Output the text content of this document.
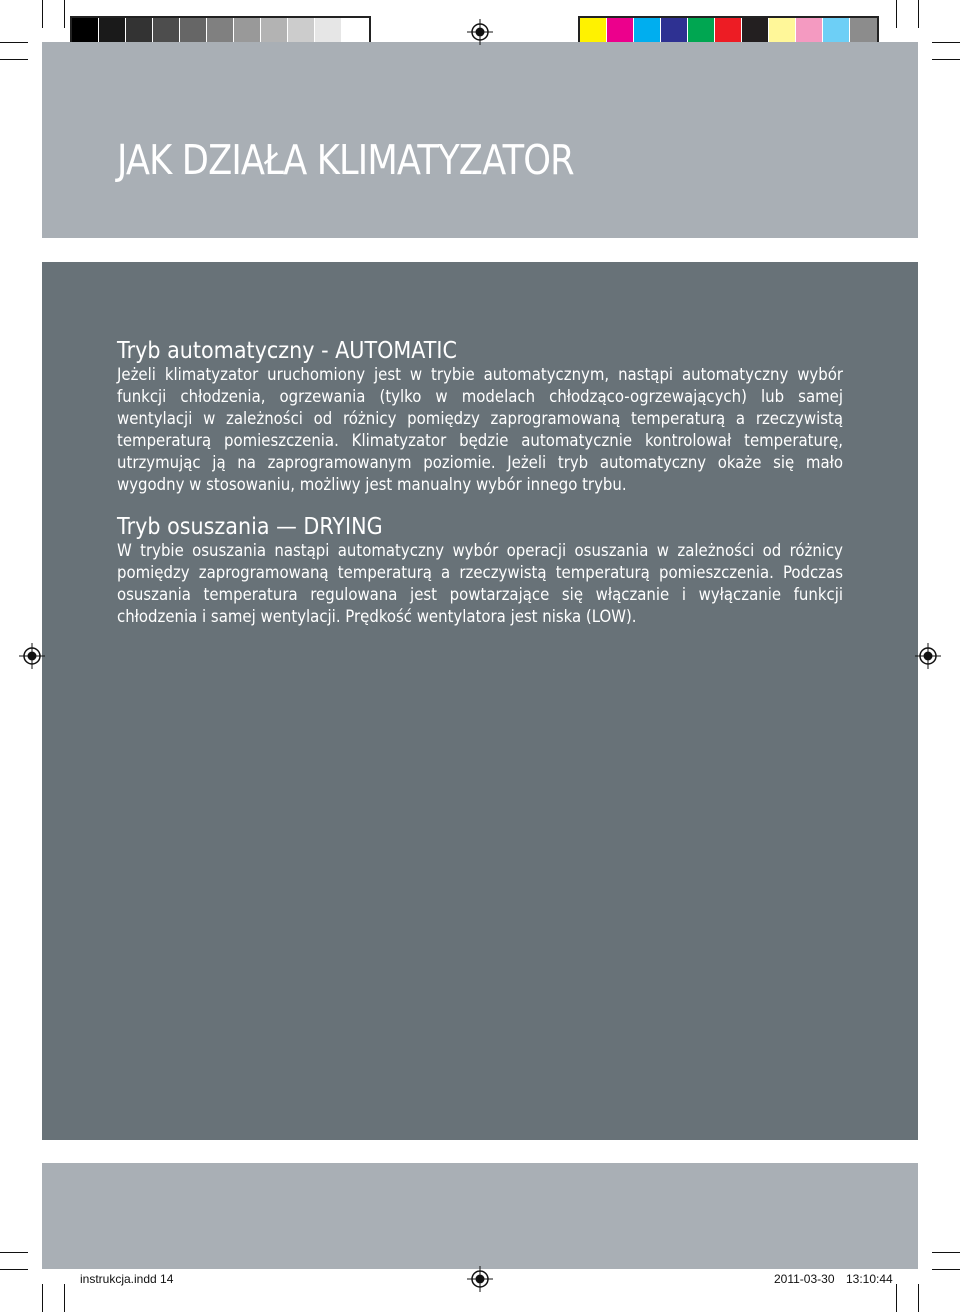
JAK DZIAŁA KLIMATYZATOR
Tryb automatyczny - AUTOMATIC

Jeżeli klimatyzator uruchomiony jest w trybie automatycznym, nastąpi automatyczny wybór funkcji chłodzenia, ogrzewania (tylko w modelach chłodząco-ogrzewających) lub samej wentylacji w zależności od różnicy pomiędzy zaprogramowaną temperaturą a rzeczywistą temperaturą pomieszczenia. Klimatyzator będzie automatycznie kontrolował temperaturę, utrzymując ją na zaprogramowanym poziomie. Jeżeli tryb automatyczny okaże się mało wygodny w stosowaniu, możliwy jest manualny wybór innego trybu.

Tryb osuszania — DRYING

W trybie osuszania nastąpi automatyczny wybór operacji osuszania w zależności od różnicy pomiędzy zaprogramowaną temperaturą a rzeczywistą temperaturą pomieszczenia. Podczas osuszania temperatura regulowana jest powtarzające się włączanie i wyłączanie funkcji chłodzenia i samej wentylacji. Prędkość wentylatora jest niska (LOW).

instrukcja.indd 14	2011-03-30 13:10:44
